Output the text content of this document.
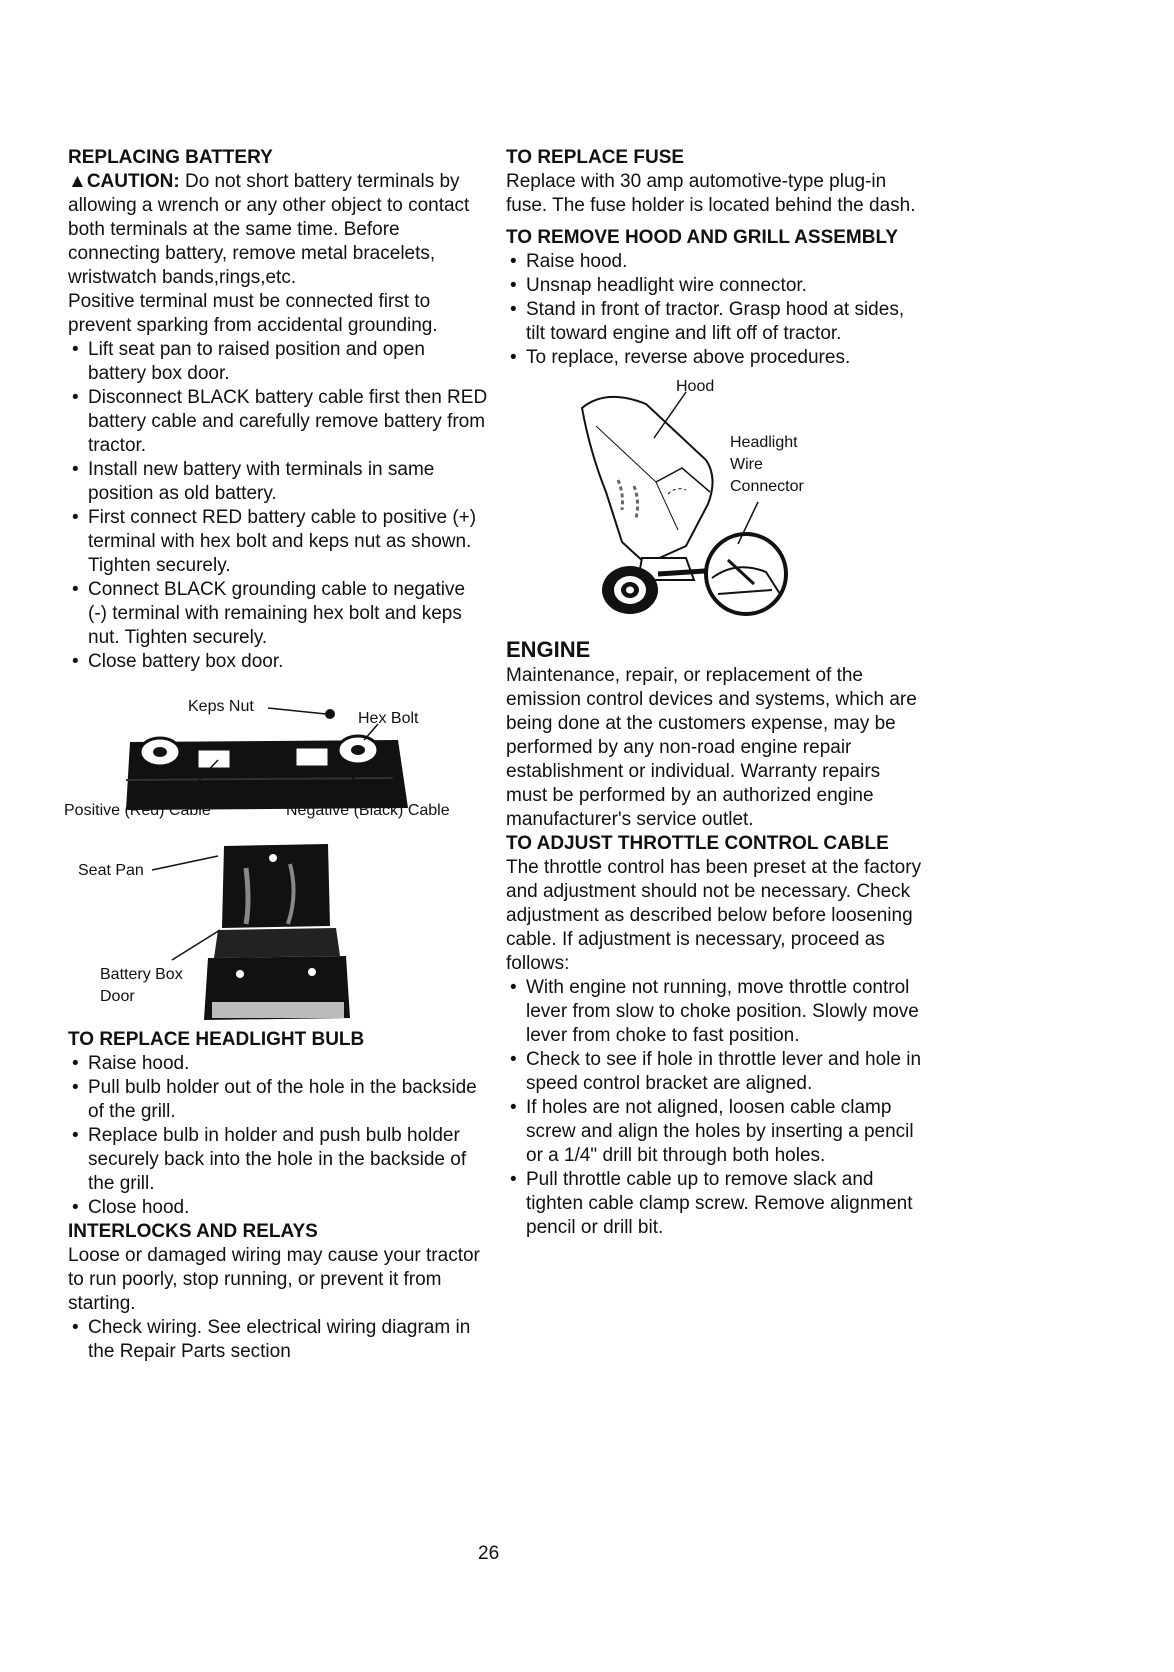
REPLACING BATTERY

▲CAUTION: Do not short battery terminals by allowing a wrench or any other object to contact both terminals at the same time. Before connecting battery, remove metal bracelets, wristwatch bands,rings,etc.

Positive terminal must be connected first to prevent sparking from accidental grounding.

• Lift seat pan to raised position and open battery box door.
• Disconnect BLACK battery cable first then RED battery cable and carefully remove battery from tractor.
• Install new battery with terminals in same position as old battery.
• First connect RED battery cable to positive (+) terminal with hex bolt and keps nut as shown. Tighten securely.
• Connect BLACK grounding cable to negative (-) terminal with remaining hex bolt and keps nut. Tighten securely.
• Close battery box door.
Keps Nut
Hex Bolt
Positive (Red) Cable	Negative (Black) Cable
Seat Pan
Battery Box
Door
TO REPLACE HEADLIGHT BULB
• Raise hood.
• Pull bulb holder out of the hole in the backside of the grill.
• Replace bulb in holder and push bulb holder securely back into the hole in the backside of the grill.
• Close hood.
INTERLOCKS AND RELAYS

Loose or damaged wiring may cause your tractor to run poorly, stop running, or prevent it from starting.

• Check wiring. See electrical wiring diagram in the Repair Parts section
TO REPLACE FUSE

Replace with 30 amp automotive-type plug-in fuse. The fuse holder is located behind the dash.

TO REMOVE HOOD AND GRILL ASSEMBLY
• Raise hood.
• Unsnap headlight wire connector.
• Stand in front of tractor. Grasp hood at sides, tilt toward engine and lift off of tractor.
• To replace, reverse above procedures.
Hood
Headlight
Wire
Connector
ENGINE

Maintenance, repair, or replacement of the emission control devices and systems, which are being done at the customers expense, may be performed by any non-road engine repair establishment or individual. Warranty repairs must be performed by an authorized engine manufacturer's service outlet.

TO ADJUST THROTTLE CONTROL CABLE

The throttle control has been preset at the factory and adjustment should not be necessary. Check adjustment as described below before loosening cable. If adjustment is necessary, proceed as follows:

• With engine not running, move throttle control lever from slow to choke position. Slowly move lever from choke to fast position.
• Check to see if hole in throttle lever and hole in speed control bracket are aligned.
• If holes are not aligned, loosen cable clamp screw and align the holes by inserting a pencil or a 1/4" drill bit through both holes.
• Pull throttle cable up to remove slack and tighten cable clamp screw. Remove alignment pencil or drill bit.
26
